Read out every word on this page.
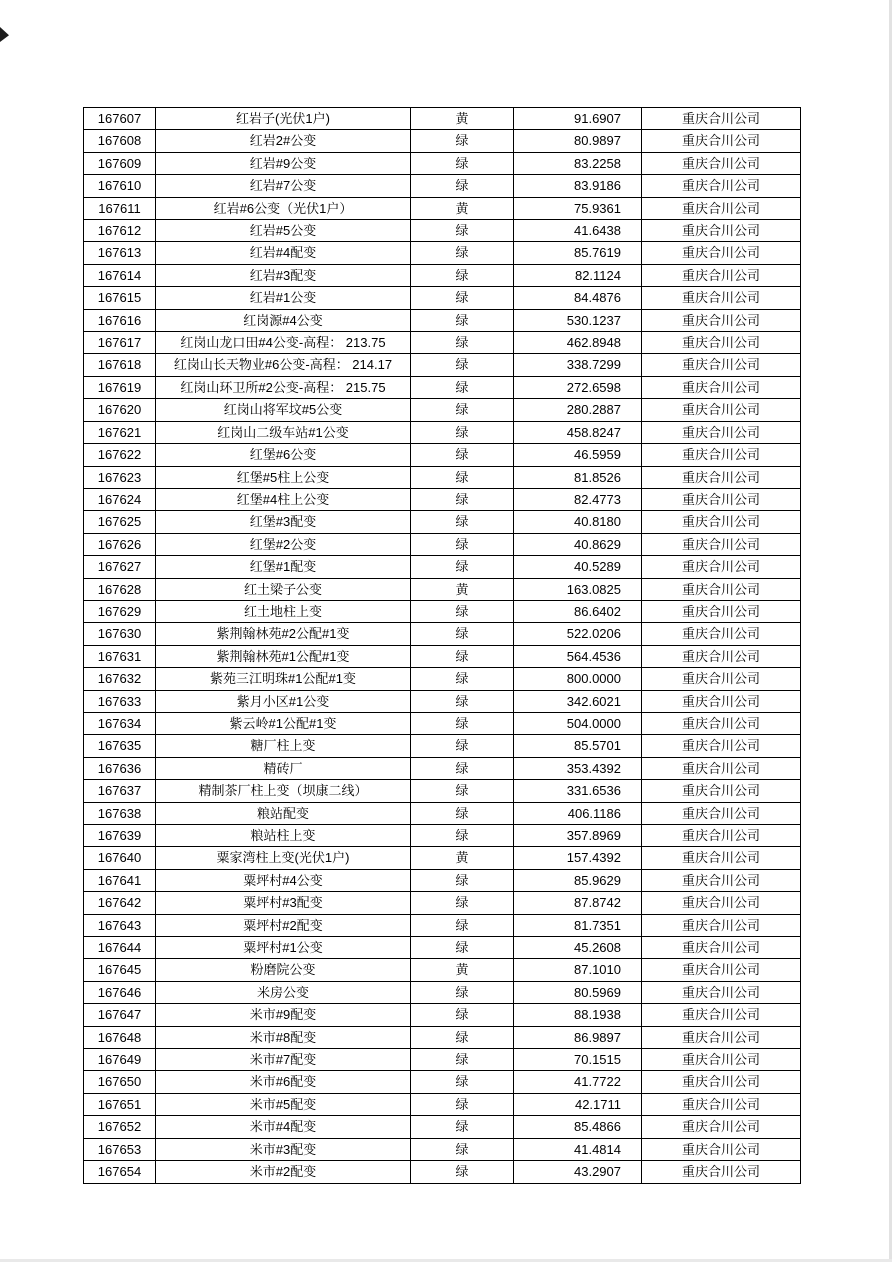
167607	红岩子(光伏1户)	黄	91.6907	重庆合川公司
167608	红岩2#公变	绿	80.9897	重庆合川公司
167609	红岩#9公变	绿	83.2258	重庆合川公司
167610	红岩#7公变	绿	83.9186	重庆合川公司
167611	红岩#6公变（光伏1户）	黄	75.9361	重庆合川公司
167612	红岩#5公变	绿	41.6438	重庆合川公司
167613	红岩#4配变	绿	85.7619	重庆合川公司
167614	红岩#3配变	绿	82.1124	重庆合川公司
167615	红岩#1公变	绿	84.4876	重庆合川公司
167616	红岗源#4公变	绿	530.1237	重庆合川公司
167617	红岗山龙口田#4公变-高程： 213.75	绿	462.8948	重庆合川公司
167618	红岗山长天物业#6公变-高程： 214.17	绿	338.7299	重庆合川公司
167619	红岗山环卫所#2公变-高程： 215.75	绿	272.6598	重庆合川公司
167620	红岗山将军坟#5公变	绿	280.2887	重庆合川公司
167621	红岗山二级车站#1公变	绿	458.8247	重庆合川公司
167622	红堡#6公变	绿	46.5959	重庆合川公司
167623	红堡#5柱上公变	绿	81.8526	重庆合川公司
167624	红堡#4柱上公变	绿	82.4773	重庆合川公司
167625	红堡#3配变	绿	40.8180	重庆合川公司
167626	红堡#2公变	绿	40.8629	重庆合川公司
167627	红堡#1配变	绿	40.5289	重庆合川公司
167628	红土梁子公变	黄	163.0825	重庆合川公司
167629	红土地柱上变	绿	86.6402	重庆合川公司
167630	紫荆翰林苑#2公配#1变	绿	522.0206	重庆合川公司
167631	紫荆翰林苑#1公配#1变	绿	564.4536	重庆合川公司
167632	紫苑三江明珠#1公配#1变	绿	800.0000	重庆合川公司
167633	紫月小区#1公变	绿	342.6021	重庆合川公司
167634	紫云岭#1公配#1变	绿	504.0000	重庆合川公司
167635	糖厂柱上变	绿	85.5701	重庆合川公司
167636	精砖厂	绿	353.4392	重庆合川公司
167637	精制茶厂柱上变（坝康二线）	绿	331.6536	重庆合川公司
167638	粮站配变	绿	406.1186	重庆合川公司
167639	粮站柱上变	绿	357.8969	重庆合川公司
167640	粟家湾柱上变(光伏1户)	黄	157.4392	重庆合川公司
167641	粟坪村#4公变	绿	85.9629	重庆合川公司
167642	粟坪村#3配变	绿	87.8742	重庆合川公司
167643	粟坪村#2配变	绿	81.7351	重庆合川公司
167644	粟坪村#1公变	绿	45.2608	重庆合川公司
167645	粉磨院公变	黄	87.1010	重庆合川公司
167646	米房公变	绿	80.5969	重庆合川公司
167647	米市#9配变	绿	88.1938	重庆合川公司
167648	米市#8配变	绿	86.9897	重庆合川公司
167649	米市#7配变	绿	70.1515	重庆合川公司
167650	米市#6配变	绿	41.7722	重庆合川公司
167651	米市#5配变	绿	42.1711	重庆合川公司
167652	米市#4配变	绿	85.4866	重庆合川公司
167653	米市#3配变	绿	41.4814	重庆合川公司
167654	米市#2配变	绿	43.2907	重庆合川公司
